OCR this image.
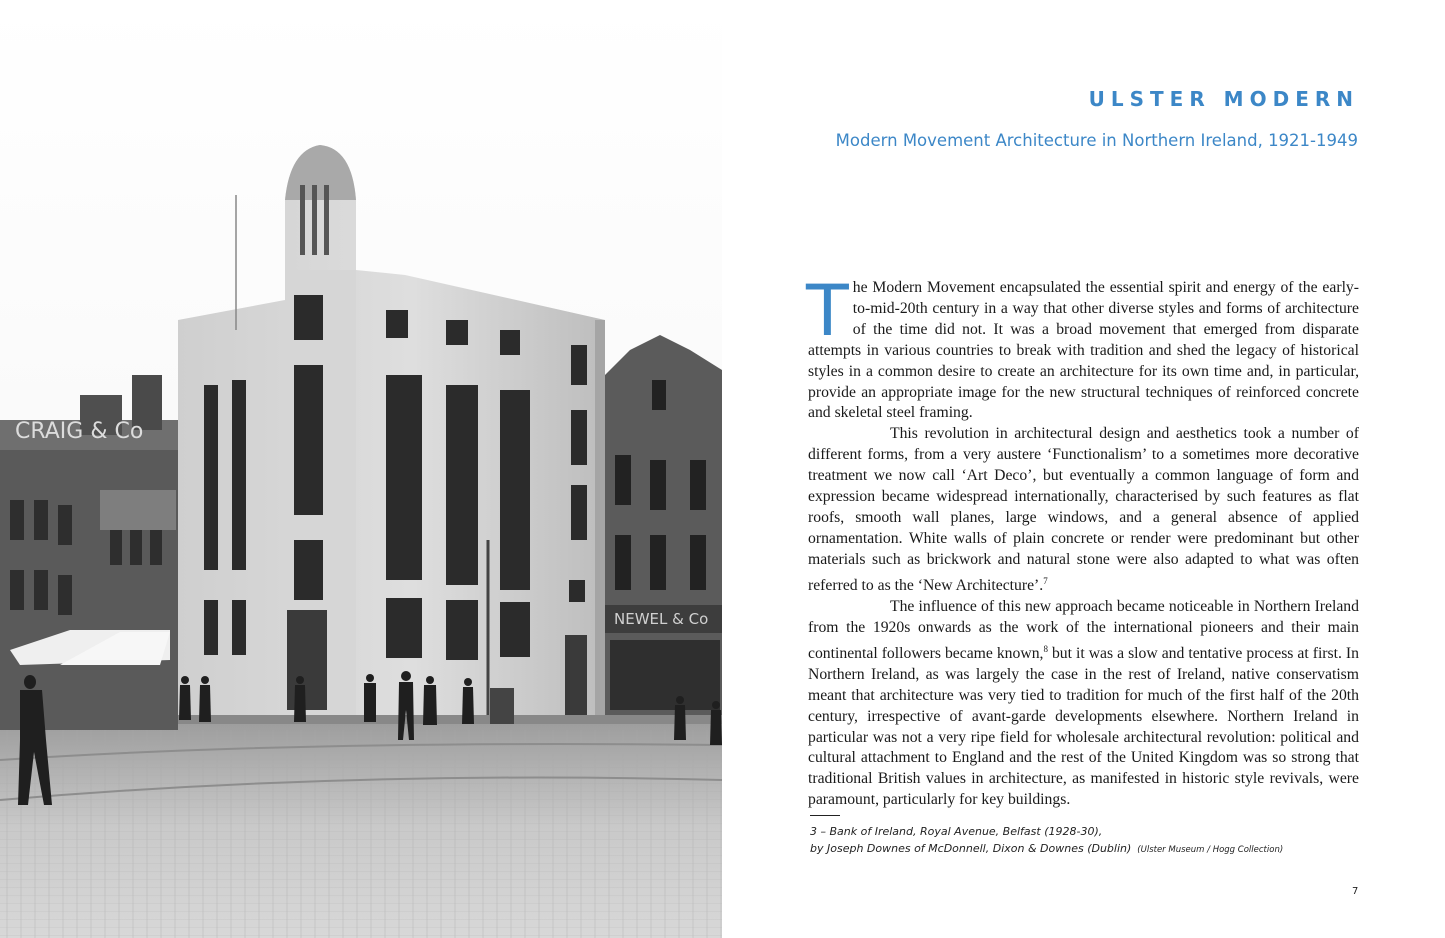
CRAIG & Co
NEWEL & Co
ULSTER MODERN
Modern Movement Architecture in Northern Ireland, 1921-1949

The Modern Movement encapsulated the essential spirit and energy of the early-to-mid-20th century in a way that other diverse styles and forms of architecture of the time did not. It was a broad movement that emerged from disparate attempts in various countries to break with tradition and shed the legacy of historical styles in a common desire to create an architecture for its own time and, in particular, provide an appropriate image for the new structural techniques of reinforced concrete and skeletal steel framing.

This revolution in architectural design and aesthetics took a number of different forms, from a very austere ‘Functionalism’ to a sometimes more decorative treatment we now call ‘Art Deco’, but eventually a common language of form and expression became widespread internationally, characterised by such features as flat roofs, smooth wall planes, large windows, and a general absence of applied ornamentation. White walls of plain concrete or render were predominant but other materials such as brickwork and natural stone were also adapted to what was often referred to as the ‘New Architecture’.$^7$

The influence of this new approach became noticeable in Northern Ireland from the 1920s onwards as the work of the international pioneers and their main continental followers became known,$^8$ but it was a slow and tentative process at first. In Northern Ireland, as was largely the case in the rest of Ireland, native conservatism meant that architecture was very tied to tradition for much of the first half of the 20th century, irrespective of avant-garde developments elsewhere. Northern Ireland in particular was not a very ripe field for wholesale architectural revolution: political and cultural attachment to England and the rest of the United Kingdom was so strong that traditional British values in architecture, as manifested in historic style revivals, were paramount, particularly for key buildings.

3 – Bank of Ireland, Royal Avenue, Belfast (1928-30),
by Joseph Downes of McDonnell, Dixon & Downes (Dublin) (Ulster Museum / Hogg Collection)
7
